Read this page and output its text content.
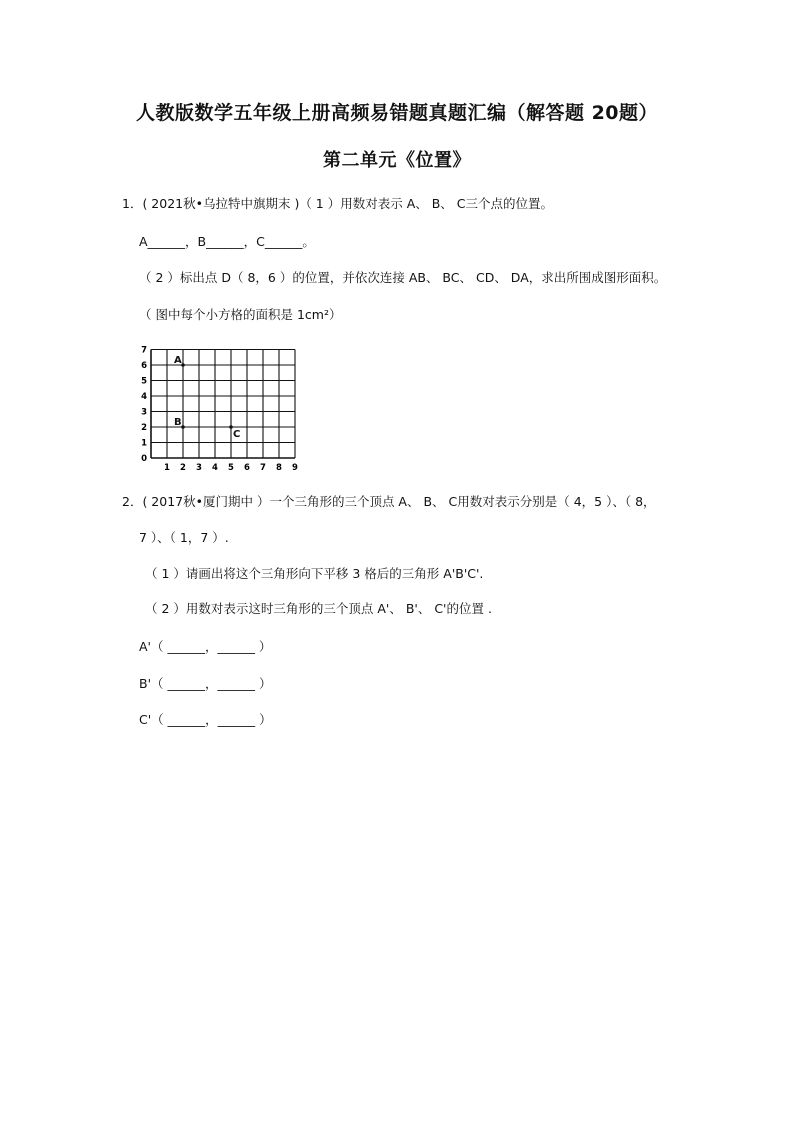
人教版数学五年级上册高频易错题真题汇编（解答题 20题）
第二单元《位置》
1．( 2021秋•乌拉特中旗期末 )（ 1 ）用数对表示 A、 B、 C三个点的位置。
A______，B______，C______。
（ 2 ）标出点 D（ 8，6 ）的位置，并依次连接 AB、 BC、 CD、 DA，求出所围成图形面积。
（ 图中每个小方格的面积是 1cm²）
1 2 3 4 5 6 7 8 9
0
1
2
3
4
5
6
7
A
B
C
2．( 2017秋•厦门期中 ）一个三角形的三个顶点 A、 B、 C用数对表示分别是（ 4，5 ）、（ 8，
7 ）、（ 1，7 ）.
（ 1 ）请画出将这个三角形向下平移 3 格后的三角形 A'B'C'.
（ 2 ）用数对表示这时三角形的三个顶点 A'、 B'、 C'的位置 .
A'（ ______，______ ）
B'（ ______，______ ）
C'（ ______，______ ）
